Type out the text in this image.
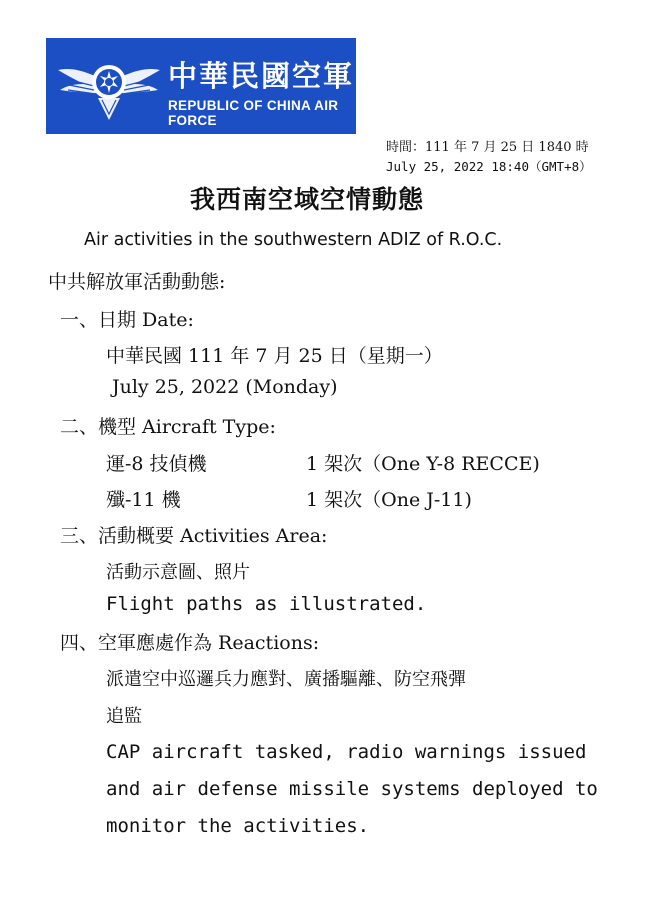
中華民國空軍
REPUBLIC OF CHINA AIR FORCE
時間：111 年 7 月 25 日 1840 時
July 25, 2022 18:40（GMT+8）
我西南空域空情動態
Air activities in the southwestern ADIZ of R.O.C.
中共解放軍活動動態:
一、日期 Date:
中華民國 111 年 7 月 25 日（星期一）
July 25, 2022 (Monday)
二、機型 Aircraft Type:
運-8 技偵機	1 架次（One Y-8 RECCE)
殲-11 機	1 架次（One J-11)
三、活動概要 Activities Area:
活動示意圖、照片
Flight paths as illustrated.
四、空軍應處作為 Reactions:
派遣空中巡邏兵力應對、廣播驅離、防空飛彈
追監
CAP aircraft tasked, radio warnings issued
and air defense missile systems deployed to
monitor the activities.
